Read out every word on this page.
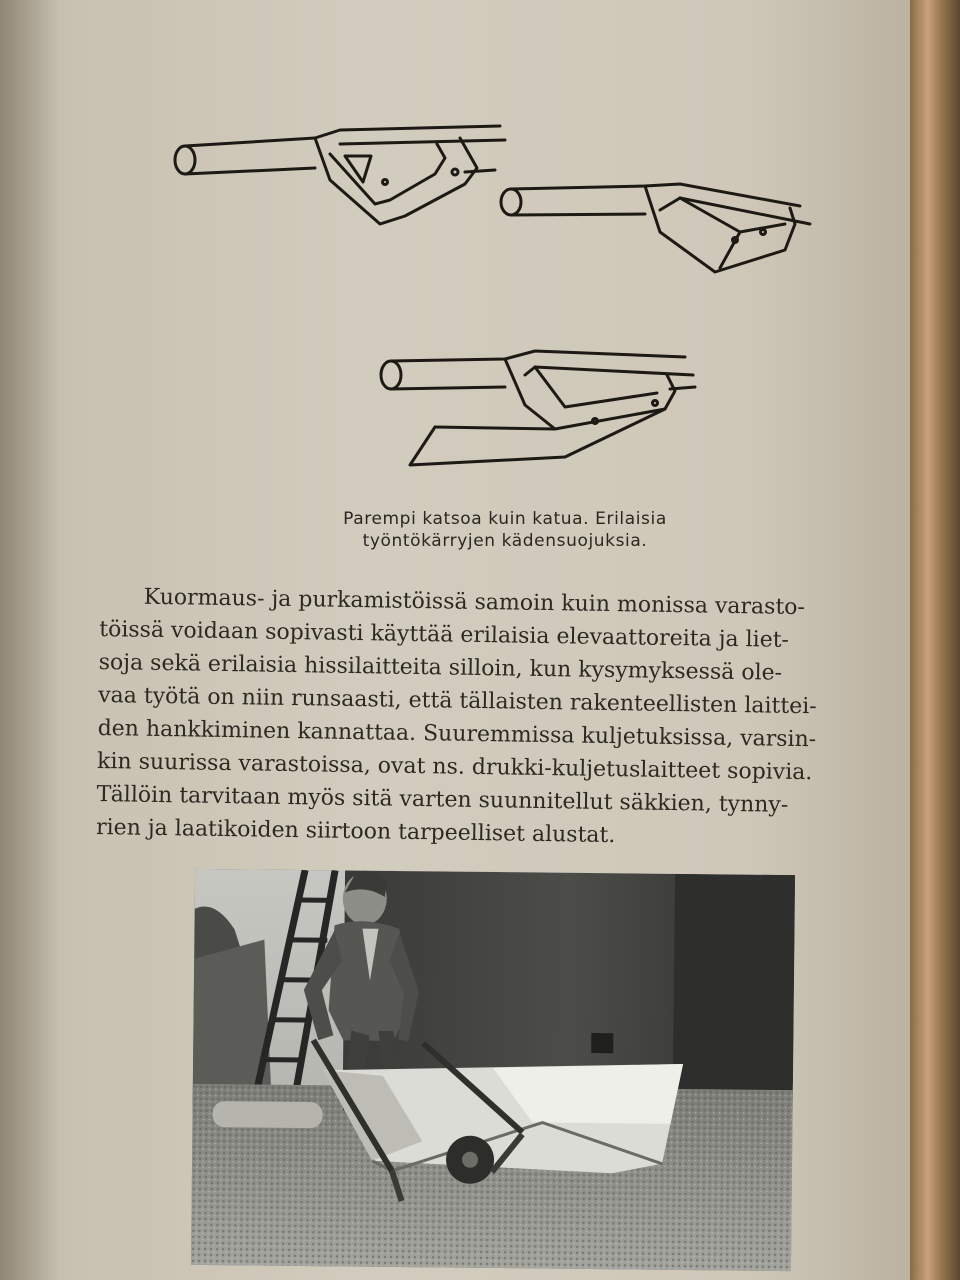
Parempi katsoa kuin katua. Erilaisia
työntökärryjen kädensuojuksia.
Kuormaus- ja purkamistöissä samoin kuin monissa varasto-
töissä voidaan sopivasti käyttää erilaisia elevaattoreita ja liet-
soja sekä erilaisia hissilaitteita silloin, kun kysymyksessä ole-
vaa työtä on niin runsaasti, että tällaisten rakenteellisten laittei-
den hankkiminen kannattaa. Suuremmissa kuljetuksissa, varsin-
kin suurissa varastoissa, ovat ns. drukki-kuljetuslaitteet sopivia.
Tällöin tarvitaan myös sitä varten suunnitellut säkkien, tynny-
rien ja laatikoiden siirtoon tarpeelliset alustat.
